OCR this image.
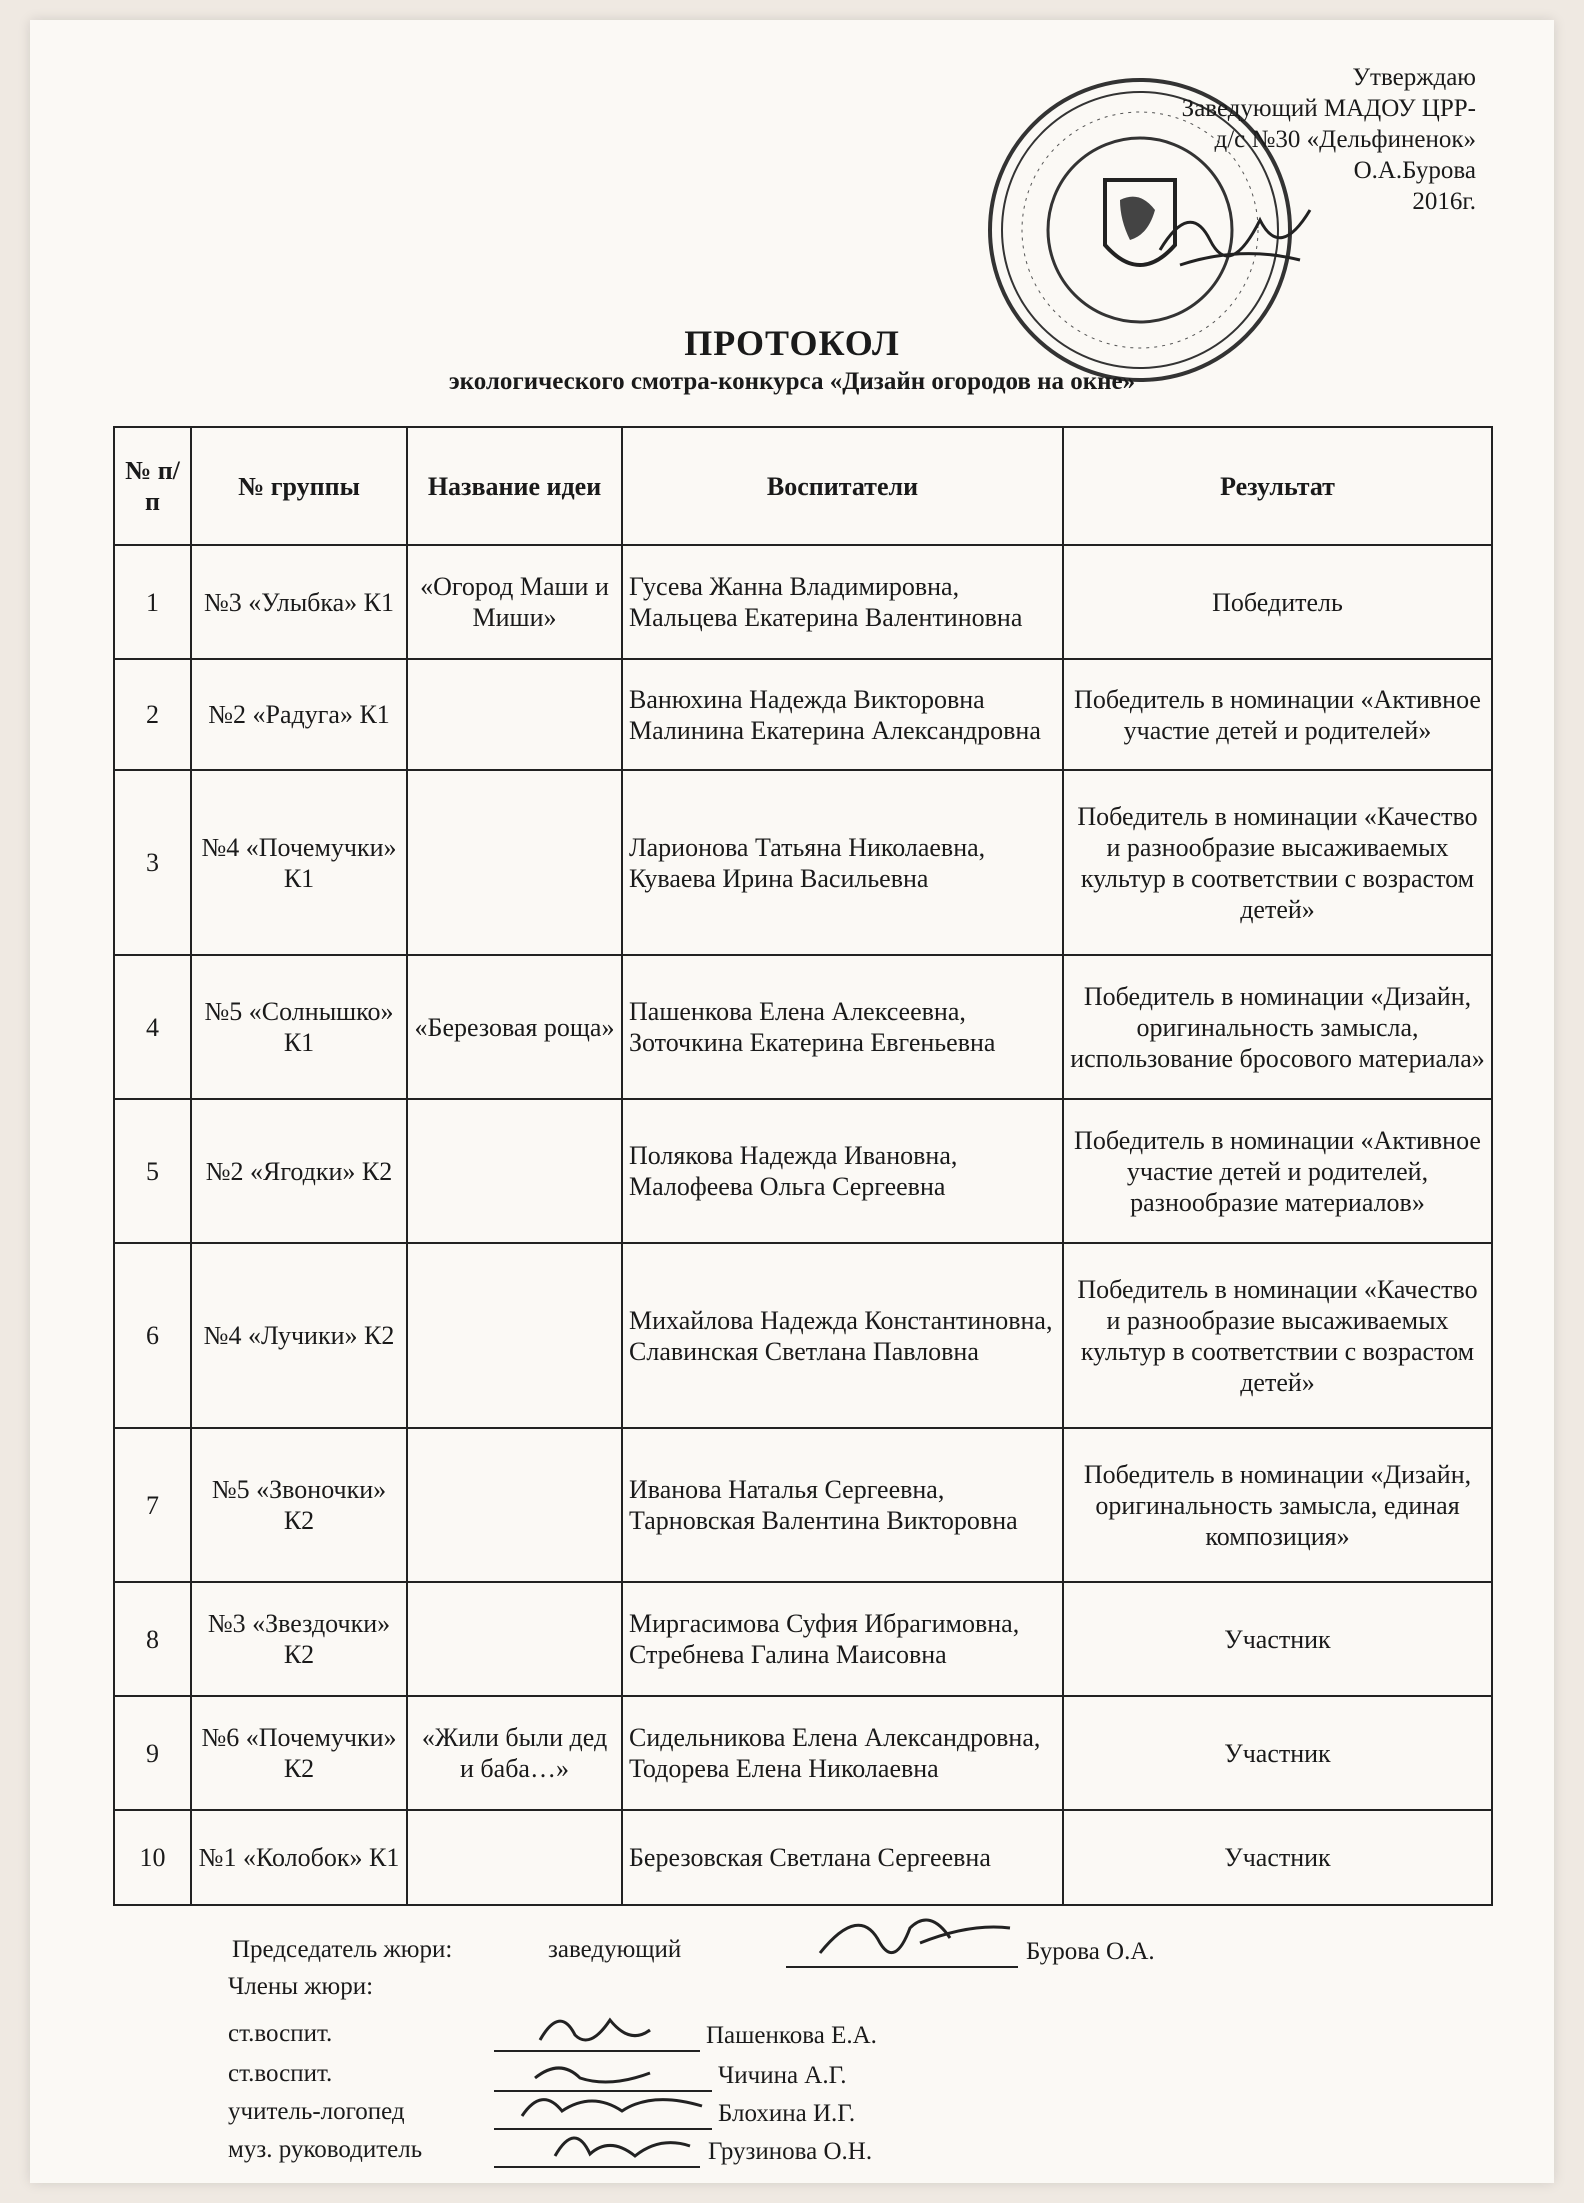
Утверждаю
Заведующий МАДОУ ЦРР-
д/с №30 «Дельфиненок»
О.А.Бурова
2016г.
ПРОТОКОЛ
экологического смотра-конкурса «Дизайн огородов на окне»
№ п/п	№ группы	Название идеи	Воспитатели	Результат
1	№3 «Улыбка» К1	«Огород Маши и Миши»	Гусева Жанна Владимировна, Мальцева Екатерина Валентиновна	Победитель
2	№2 «Радуга» К1		Ванюхина Надежда Викторовна Малинина Екатерина Александровна	Победитель в номинации «Активное участие детей и родителей»
3	№4 «Почемучки» К1		Ларионова Татьяна Николаевна, Куваева Ирина Васильевна	Победитель в номинации «Качество и разнообразие высаживаемых культур в соответствии с возрастом детей»
4	№5 «Солнышко» К1	«Березовая роща»	Пашенкова Елена Алексеевна, Зоточкина Екатерина Евгеньевна	Победитель в номинации «Дизайн, оригинальность замысла, использование бросового материала»
5	№2 «Ягодки» К2		Полякова Надежда Ивановна, Малофеева Ольга Сергеевна	Победитель в номинации «Активное участие детей и родителей, разнообразие материалов»
6	№4 «Лучики» К2		Михайлова Надежда Константиновна, Славинская Светлана Павловна	Победитель в номинации «Качество и разнообразие высаживаемых культур в соответствии с возрастом детей»
7	№5 «Звоночки» К2		Иванова Наталья Сергеевна, Тарновская Валентина Викторовна	Победитель в номинации «Дизайн, оригинальность замысла, единая композиция»
8	№3 «Звездочки» К2		Миргасимова Суфия Ибрагимовна, Стребнева Галина Маисовна	Участник
9	№6 «Почемучки» К2	«Жили были дед и баба…»	Сидельникова Елена Александровна, Тодорева Елена Николаевна	Участник
10	№1 «Колобок» К1		Березовская Светлана Сергеевна	Участник
Председатель жюри:	заведующий	Бурова О.А.
Члены жюри:
ст.воспит.	Пашенкова Е.А.
ст.воспит.	Чичина А.Г.
учитель-логопед	Блохина И.Г.
муз. руководитель	Грузинова О.Н.
